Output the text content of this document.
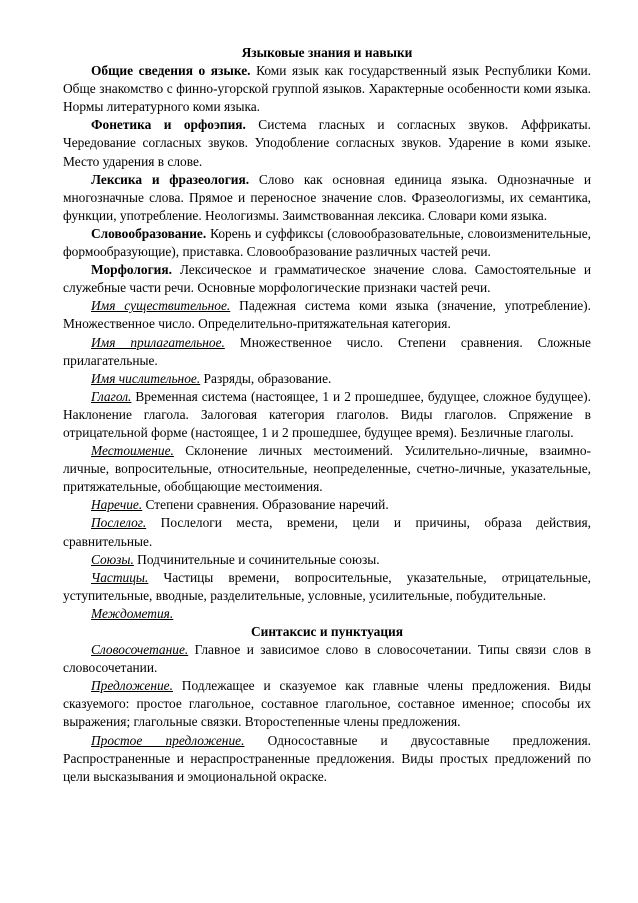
Языковые знания и навыки

Общие сведения о языке. Коми язык как государственный язык Республики Коми. Обще знакомство с финно-угорской группой языков. Характерные особенности коми языка. Нормы литературного коми языка.

Фонетика и орфоэпия. Система гласных и согласных звуков. Аффрикаты. Чередование согласных звуков. Уподобление согласных звуков. Ударение в коми языке. Место ударения в слове.

Лексика и фразеология. Слово как основная единица языка. Однозначные и многозначные слова. Прямое и переносное значение слов. Фразеологизмы, их семантика, функции, употребление. Неологизмы. Заимствованная лексика. Словари коми языка.

Словообразование. Корень и суффиксы (словообразовательные, словоизменительные, формообразующие), приставка. Словообразование различных частей речи.

Морфология. Лексическое и грамматическое значение слова. Самостоятельные и служебные части речи. Основные морфологические признаки частей речи.

Имя существительное. Падежная система коми языка (значение, употребление). Множественное число. Определительно-притяжательная категория.

Имя прилагательное. Множественное число. Степени сравнения. Сложные прилагательные.

Имя числительное. Разряды, образование.

Глагол. Временная система (настоящее, 1 и 2 прошедшее, будущее, сложное будущее). Наклонение глагола. Залоговая категория глаголов. Виды глаголов. Спряжение в отрицательной форме (настоящее, 1 и 2 прошедшее, будущее время). Безличные глаголы.

Местоимение. Склонение личных местоимений. Усилительно-личные, взаимно-личные, вопросительные, относительные, неопределенные, счетно-личные, указательные, притяжательные, обобщающие местоимения.

Наречие. Степени сравнения. Образование наречий.

Послелог. Послелоги места, времени, цели и причины, образа действия, сравнительные.

Союзы. Подчинительные и сочинительные союзы.

Частицы. Частицы времени, вопросительные, указательные, отрицательные, уступительные, вводные, разделительные, условные, усилительные, побудительные.

Междометия.

Синтаксис и пунктуация

Словосочетание. Главное и зависимое слово в словосочетании. Типы связи слов в словосочетании.

Предложение. Подлежащее и сказуемое как главные члены предложения. Виды сказуемого: простое глагольное, составное глагольное, составное именное; способы их выражения; глагольные связки. Второстепенные члены предложения.

Простое предложение. Односоставные и двусоставные предложения. Распространенные и нераспространенные предложения. Виды простых предложений по цели высказывания и эмоциональной окраске.
